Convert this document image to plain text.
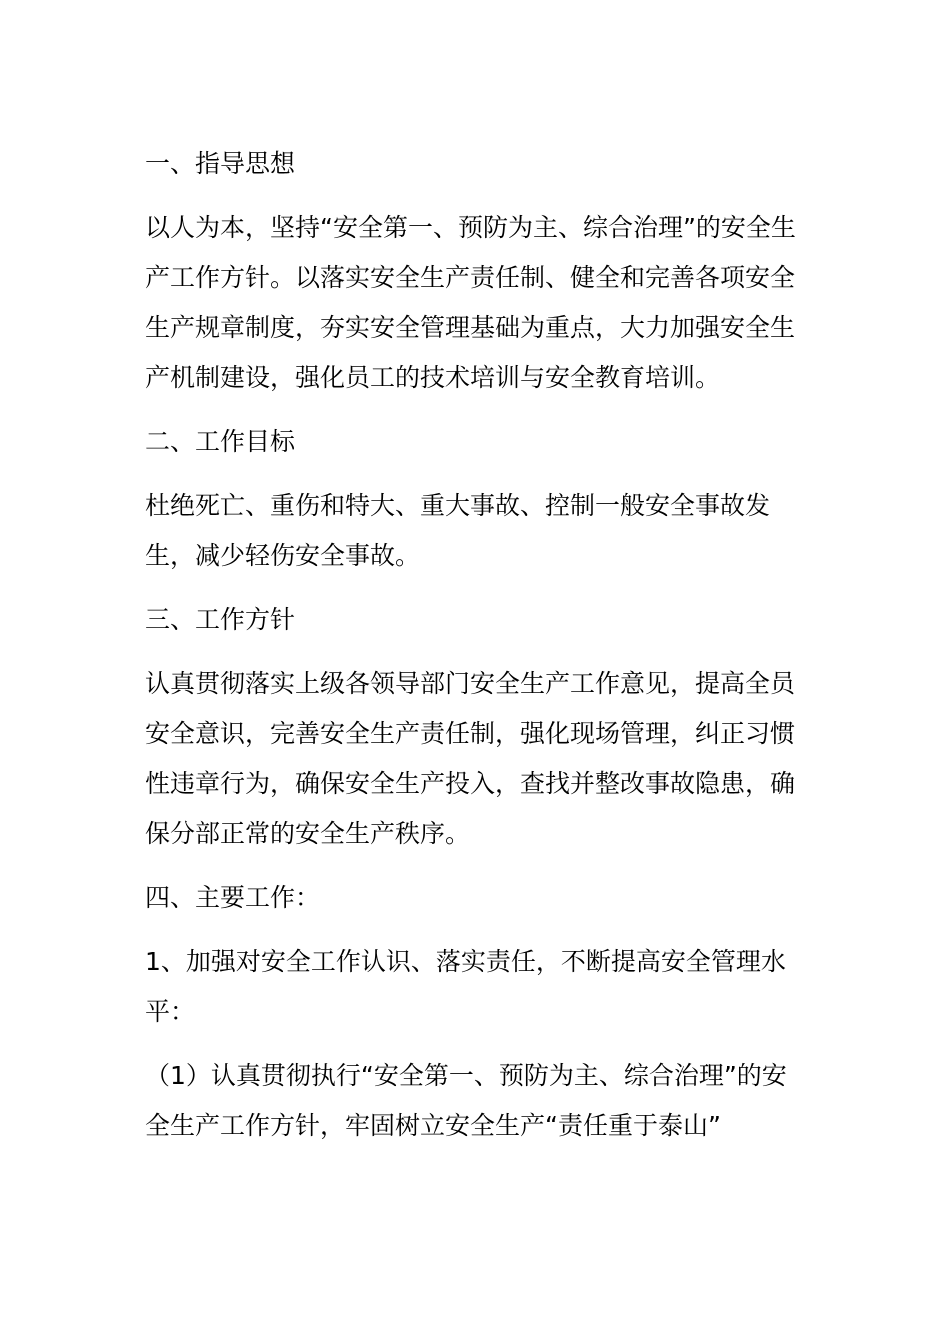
一、指导思想

以人为本，坚持“安全第一、预防为主、综合治理”的安全生产工作方针。以落实安全生产责任制、健全和完善各项安全生产规章制度，夯实安全管理基础为重点，大力加强安全生产机制建设，强化员工的技术培训与安全教育培训。

二、工作目标

杜绝死亡、重伤和特大、重大事故、控制一般安全事故发生，减少轻伤安全事故。

三、工作方针

认真贯彻落实上级各领导部门安全生产工作意见，提高全员安全意识，完善安全生产责任制，强化现场管理，纠正习惯性违章行为，确保安全生产投入，查找并整改事故隐患，确保分部正常的安全生产秩序。

四、主要工作：

1、加强对安全工作认识、落实责任，不断提高安全管理水平：

（1）认真贯彻执行“安全第一、预防为主、综合治理”的安全生产工作方针，牢固树立安全生产“责任重于泰山”
